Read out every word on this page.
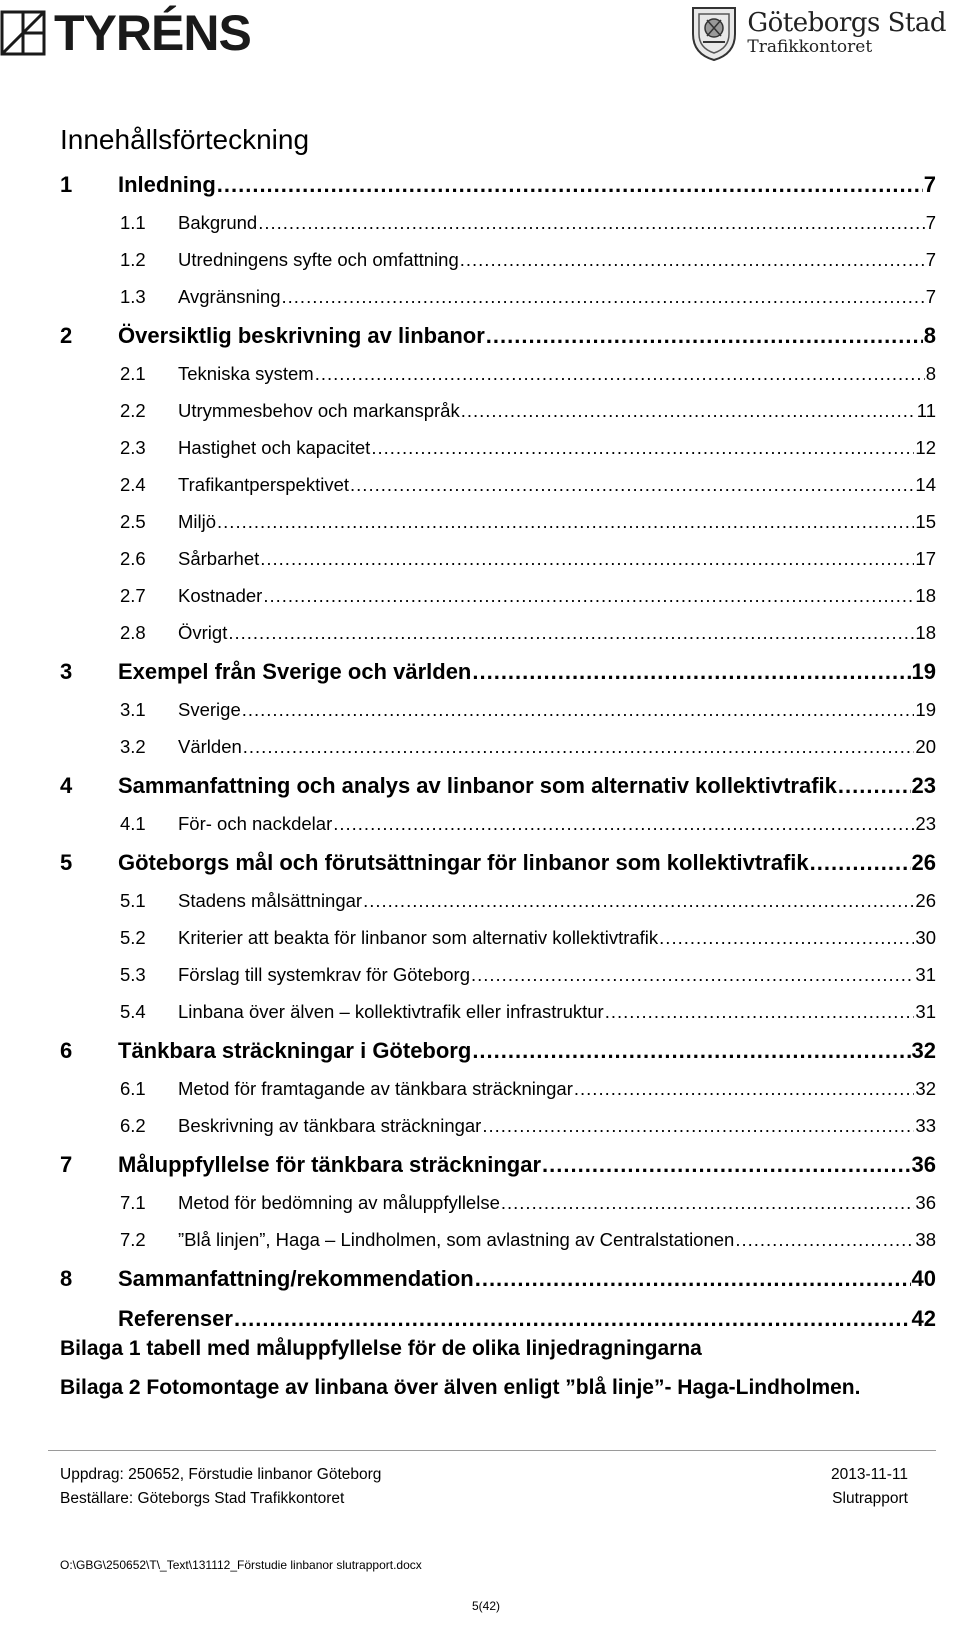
TYRÉNS	Göteborgs Stad
Trafikkontoret
Innehållsförteckning
1	Inledning .....	7
1.1	Bakgrund .....	7
1.2	Utredningens syfte och omfattning .....	7
1.3	Avgränsning .....	7
2	Översiktlig beskrivning av linbanor .....	8
2.1	Tekniska system .....	8
2.2	Utrymmesbehov och markanspråk .....	11
2.3	Hastighet och kapacitet .....	12
2.4	Trafikantperspektivet .....	14
2.5	Miljö .....	15
2.6	Sårbarhet .....	17
2.7	Kostnader .....	18
2.8	Övrigt .....	18
3	Exempel från Sverige och världen .....	19
3.1	Sverige .....	19
3.2	Världen .....	20
4	Sammanfattning och analys av linbanor som alternativ kollektivtrafik .....	23
4.1	För- och nackdelar .....	23
5	Göteborgs mål och förutsättningar för linbanor som kollektivtrafik .....	26
5.1	Stadens målsättningar .....	26
5.2	Kriterier att beakta för linbanor som alternativ kollektivtrafik .....	30
5.3	Förslag till systemkrav för Göteborg .....	31
5.4	Linbana över älven – kollektivtrafik eller infrastruktur .....	31
6	Tänkbara sträckningar i Göteborg .....	32
6.1	Metod för framtagande av tänkbara sträckningar .....	32
6.2	Beskrivning av tänkbara sträckningar .....	33
7	Måluppfyllelse för tänkbara sträckningar .....	36
7.1	Metod för bedömning av måluppfyllelse .....	36
7.2	”Blå linjen”, Haga – Lindholmen, som avlastning av Centralstationen .....	38
8	Sammanfattning/rekommendation .....	40
Referenser .....	42
Bilaga 1 tabell med måluppfyllelse för de olika linjedragningarna
Bilaga 2 Fotomontage av linbana över älven enligt ”blå linje”- Haga-Lindholmen.
Uppdrag: 250652, Förstudie linbanor Göteborg
Beställare: Göteborgs Stad Trafikkontoret
2013-11-11
Slutrapport
O:\GBG\250652\T\_Text\131112_Förstudie linbanor slutrapport.docx
5(42)
